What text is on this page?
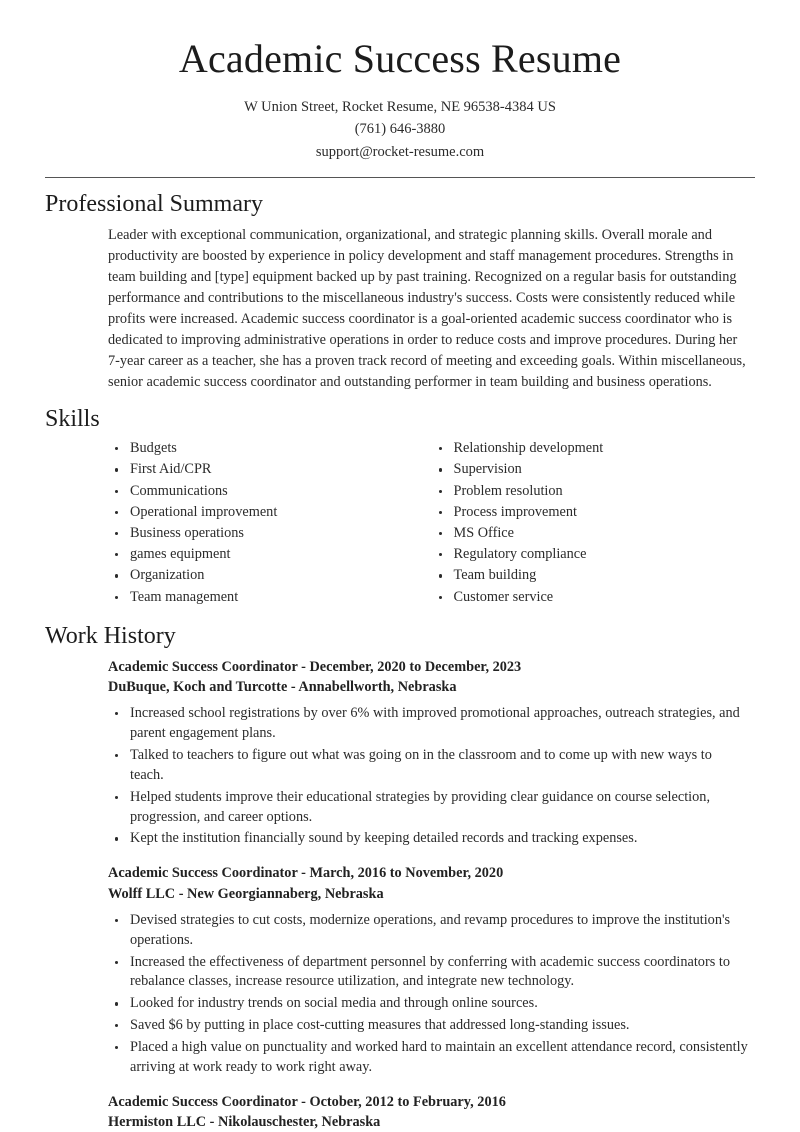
Academic Success Resume
W Union Street, Rocket Resume, NE 96538-4384 US
(761) 646-3880
support@rocket-resume.com
Professional Summary

Leader with exceptional communication, organizational, and strategic planning skills. Overall morale and productivity are boosted by experience in policy development and staff management procedures. Strengths in team building and [type] equipment backed up by past training. Recognized on a regular basis for outstanding performance and contributions to the miscellaneous industry's success. Costs were consistently reduced while profits were increased. Academic success coordinator is a goal-oriented academic success coordinator who is dedicated to improving administrative operations in order to reduce costs and improve procedures. During her 7-year career as a teacher, she has a proven track record of meeting and exceeding goals. Within miscellaneous, senior academic success coordinator and outstanding performer in team building and business operations.

Skills
Budgets
First Aid/CPR
Communications
Operational improvement
Business operations
games equipment
Organization
Team management
Relationship development
Supervision
Problem resolution
Process improvement
MS Office
Regulatory compliance
Team building
Customer service
Work History
Academic Success Coordinator - December, 2020 to December, 2023
DuBuque, Koch and Turcotte - Annabellworth, Nebraska
Increased school registrations by over 6% with improved promotional approaches, outreach strategies, and parent engagement plans.
Talked to teachers to figure out what was going on in the classroom and to come up with new ways to teach.
Helped students improve their educational strategies by providing clear guidance on course selection, progression, and career options.
Kept the institution financially sound by keeping detailed records and tracking expenses.
Academic Success Coordinator - March, 2016 to November, 2020
Wolff LLC - New Georgiannaberg, Nebraska
Devised strategies to cut costs, modernize operations, and revamp procedures to improve the institution's operations.
Increased the effectiveness of department personnel by conferring with academic success coordinators to rebalance classes, increase resource utilization, and integrate new technology.
Looked for industry trends on social media and through online sources.
Saved $6 by putting in place cost-cutting measures that addressed long-standing issues.
Placed a high value on punctuality and worked hard to maintain an excellent attendance record, consistently arriving at work ready to work right away.
Academic Success Coordinator - October, 2012 to February, 2016
Hermiston LLC - Nikolauschester, Nebraska
